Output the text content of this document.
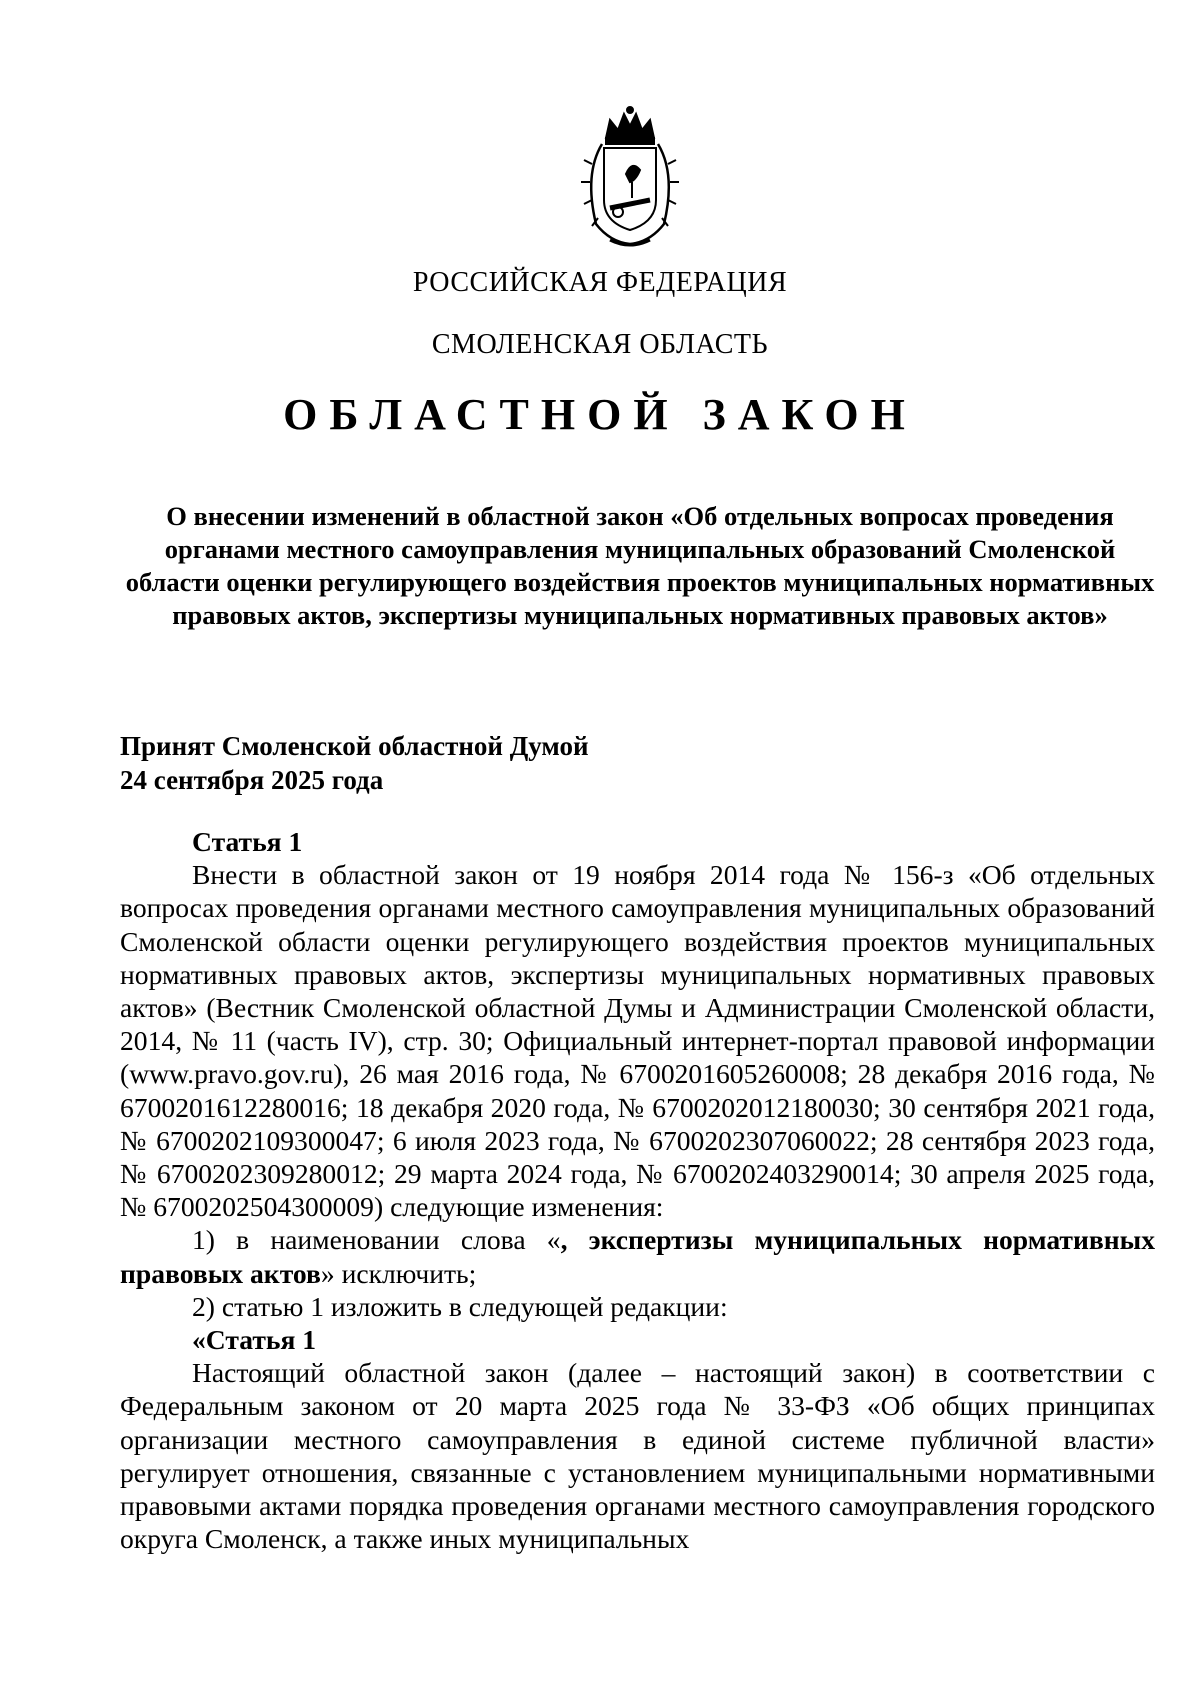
РОССИЙСКАЯ ФЕДЕРАЦИЯ
СМОЛЕНСКАЯ ОБЛАСТЬ
ОБЛАСТНОЙ ЗАКОН
О внесении изменений в областной закон «Об отдельных вопросах проведения органами местного самоуправления муниципальных образований Смоленской области оценки регулирующего воздействия проектов муниципальных нормативных правовых актов, экспертизы муниципальных нормативных правовых актов»
Принят Смоленской областной Думой
24 сентября 2025 года

Статья 1

Внести в областной закон от 19 ноября 2014 года № 156-з «Об отдельных вопросах проведения органами местного самоуправления муниципальных образований Смоленской области оценки регулирующего воздействия проектов муниципальных нормативных правовых актов, экспертизы муниципальных нормативных правовых актов» (Вестник Смоленской областной Думы и Администрации Смоленской области, 2014, № 11 (часть IV), стр. 30; Официальный интернет-портал правовой информации (www.pravo.gov.ru), 26 мая 2016 года, № 6700201605260008; 28 декабря 2016 года, № 6700201612280016; 18 декабря 2020 года, № 6700202012180030; 30 сентября 2021 года, № 6700202109300047; 6 июля 2023 года, № 6700202307060022; 28 сентября 2023 года, № 6700202309280012; 29 марта 2024 года, № 6700202403290014; 30 апреля 2025 года, № 6700202504300009) следующие изменения:

1) в наименовании слова «, экспертизы муниципальных нормативных правовых актов» исключить;

2) статью 1 изложить в следующей редакции:

«Статья 1

Настоящий областной закон (далее – настоящий закон) в соответствии с Федеральным законом от 20 марта 2025 года № 33-ФЗ «Об общих принципах организации местного самоуправления в единой системе публичной власти» регулирует отношения, связанные с установлением муниципальными нормативными правовыми актами порядка проведения органами местного самоуправления городского округа Смоленск, а также иных муниципальных
